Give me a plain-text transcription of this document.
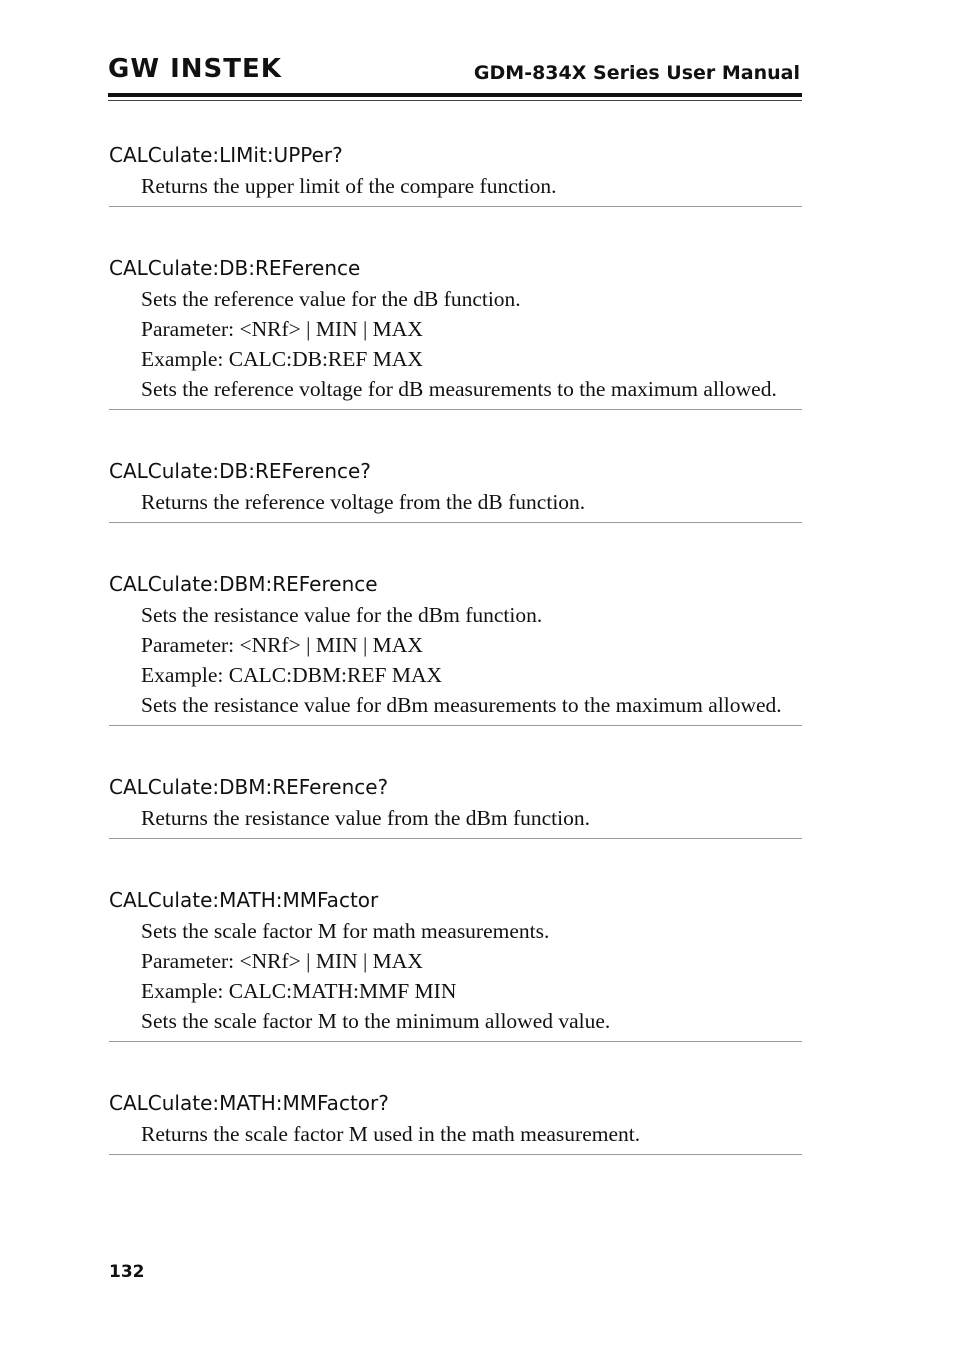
GW INSTEK	GDM-834X Series User Manual

CALCulate:LIMit:UPPer?

Returns the upper limit of the compare function.

CALCulate:DB:REFerence

Sets the reference value for the dB function.

Parameter: <NRf> | MIN | MAX

Example: CALC:DB:REF MAX

Sets the reference voltage for dB measurements to the maximum allowed.

CALCulate:DB:REFerence?

Returns the reference voltage from the dB function.

CALCulate:DBM:REFerence

Sets the resistance value for the dBm function.

Parameter: <NRf> | MIN | MAX

Example: CALC:DBM:REF MAX

Sets the resistance value for dBm measurements to the maximum allowed.

CALCulate:DBM:REFerence?

Returns the resistance value from the dBm function.

CALCulate:MATH:MMFactor

Sets the scale factor M for math measurements.

Parameter: <NRf> | MIN | MAX

Example: CALC:MATH:MMF MIN

Sets the scale factor M to the minimum allowed value.

CALCulate:MATH:MMFactor?

Returns the scale factor M used in the math measurement.

132
